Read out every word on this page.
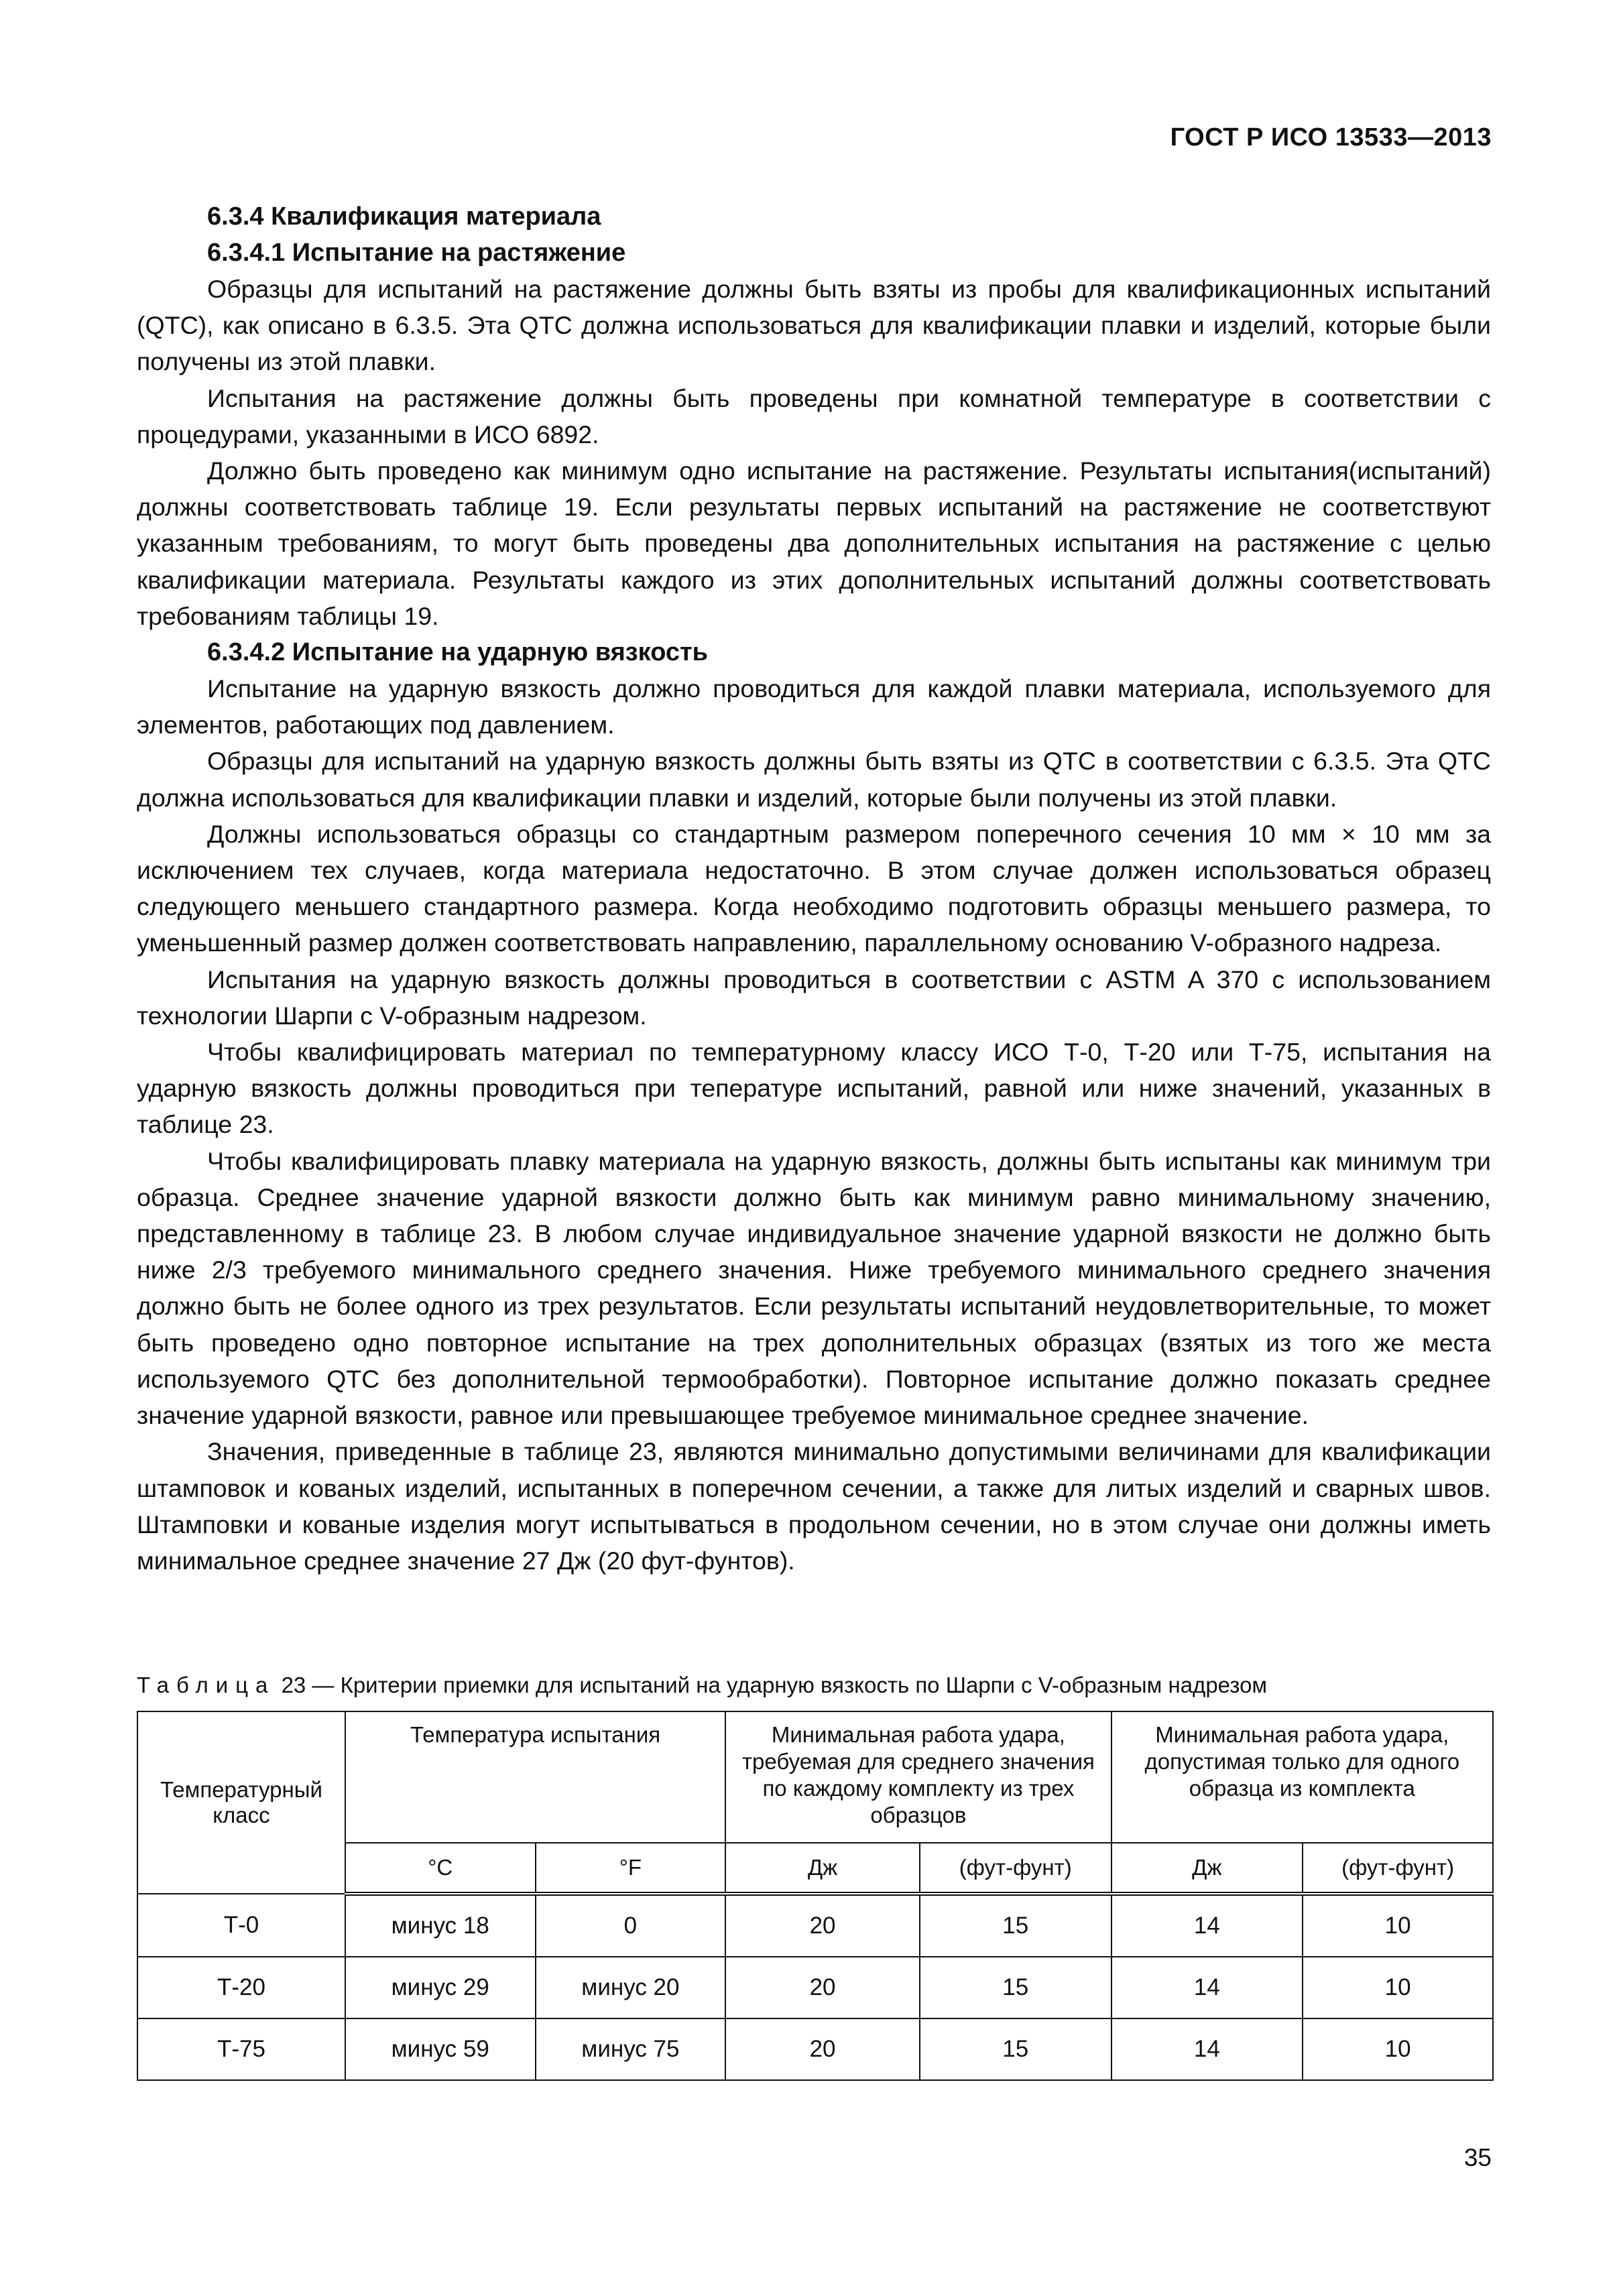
ГОСТ Р ИСО 13533—2013
6.3.4 Квалификация материала
6.3.4.1 Испытание на растяжение

Образцы для испытаний на растяжение должны быть взяты из пробы для квалификационных испытаний (QTC), как описано в 6.3.5. Эта QTC должна использоваться для квалификации плавки и изделий, которые были получены из этой плавки.

Испытания на растяжение должны быть проведены при комнатной температуре в соответствии с процедурами, указанными в ИСО 6892.

Должно быть проведено как минимум одно испытание на растяжение. Результаты испытания(испытаний) должны соответствовать таблице 19. Если результаты первых испытаний на растяжение не соответствуют указанным требованиям, то могут быть проведены два дополнительных испытания на растяжение с целью квалификации материала. Результаты каждого из этих дополнительных испытаний должны соответствовать требованиям таблицы 19.

6.3.4.2 Испытание на ударную вязкость

Испытание на ударную вязкость должно проводиться для каждой плавки материала, используемого для элементов, работающих под давлением.

Образцы для испытаний на ударную вязкость должны быть взяты из QTC в соответствии с 6.3.5. Эта QTC должна использоваться для квалификации плавки и изделий, которые были получены из этой плавки.

Должны использоваться образцы со стандартным размером поперечного сечения 10 мм × 10 мм за исключением тех случаев, когда материала недостаточно. В этом случае должен использоваться образец следующего меньшего стандартного размера. Когда необходимо подготовить образцы меньшего размера, то уменьшенный размер должен соответствовать направлению, параллельному основанию V-образного надреза.

Испытания на ударную вязкость должны проводиться в соответствии с ASTM A 370 с использованием технологии Шарпи с V-образным надрезом.

Чтобы квалифицировать материал по температурному классу ИСО Т-0, Т-20 или Т-75, испытания на ударную вязкость должны проводиться при тепературе испытаний, равной или ниже значений, указанных в таблице 23.

Чтобы квалифицировать плавку материала на ударную вязкость, должны быть испытаны как минимум три образца. Среднее значение ударной вязкости должно быть как минимум равно минимальному значению, представленному в таблице 23. В любом случае индивидуальное значение ударной вязкости не должно быть ниже 2/3 требуемого минимального среднего значения. Ниже требуемого минимального среднего значения должно быть не более одного из трех результатов. Если результаты испытаний неудовлетворительные, то может быть проведено одно повторное испытание на трех дополнительных образцах (взятых из того же места используемого QTC без дополнительной термообработки). Повторное испытание должно показать среднее значение ударной вязкости, равное или превышающее требуемое минимальное среднее значение.

Значения, приведенные в таблице 23, являются минимально допустимыми величинами для квалификации штамповок и кованых изделий, испытанных в поперечном сечении, а также для литых изделий и сварных швов. Штамповки и кованые изделия могут испытываться в продольном сечении, но в этом случае они должны иметь минимальное среднее значение 27 Дж (20 фут-фунтов).

Таблица 23 — Критерии приемки для испытаний на ударную вязкость по Шарпи с V-образным надрезом
Температурный класс	Температура испытания		Минимальная работа удара, требуемая для среднего значения по каждому комплекту из трех образцов		Минимальная работа удара, допустимая только для одного образца из комплекта	
	°C	°F	Дж	(фут-фунт)	Дж	(фут-фунт)
Т-0	минус 18	0	20	15	14	10
Т-20	минус 29	минус 20	20	15	14	10
Т-75	минус 59	минус 75	20	15	14	10
35
